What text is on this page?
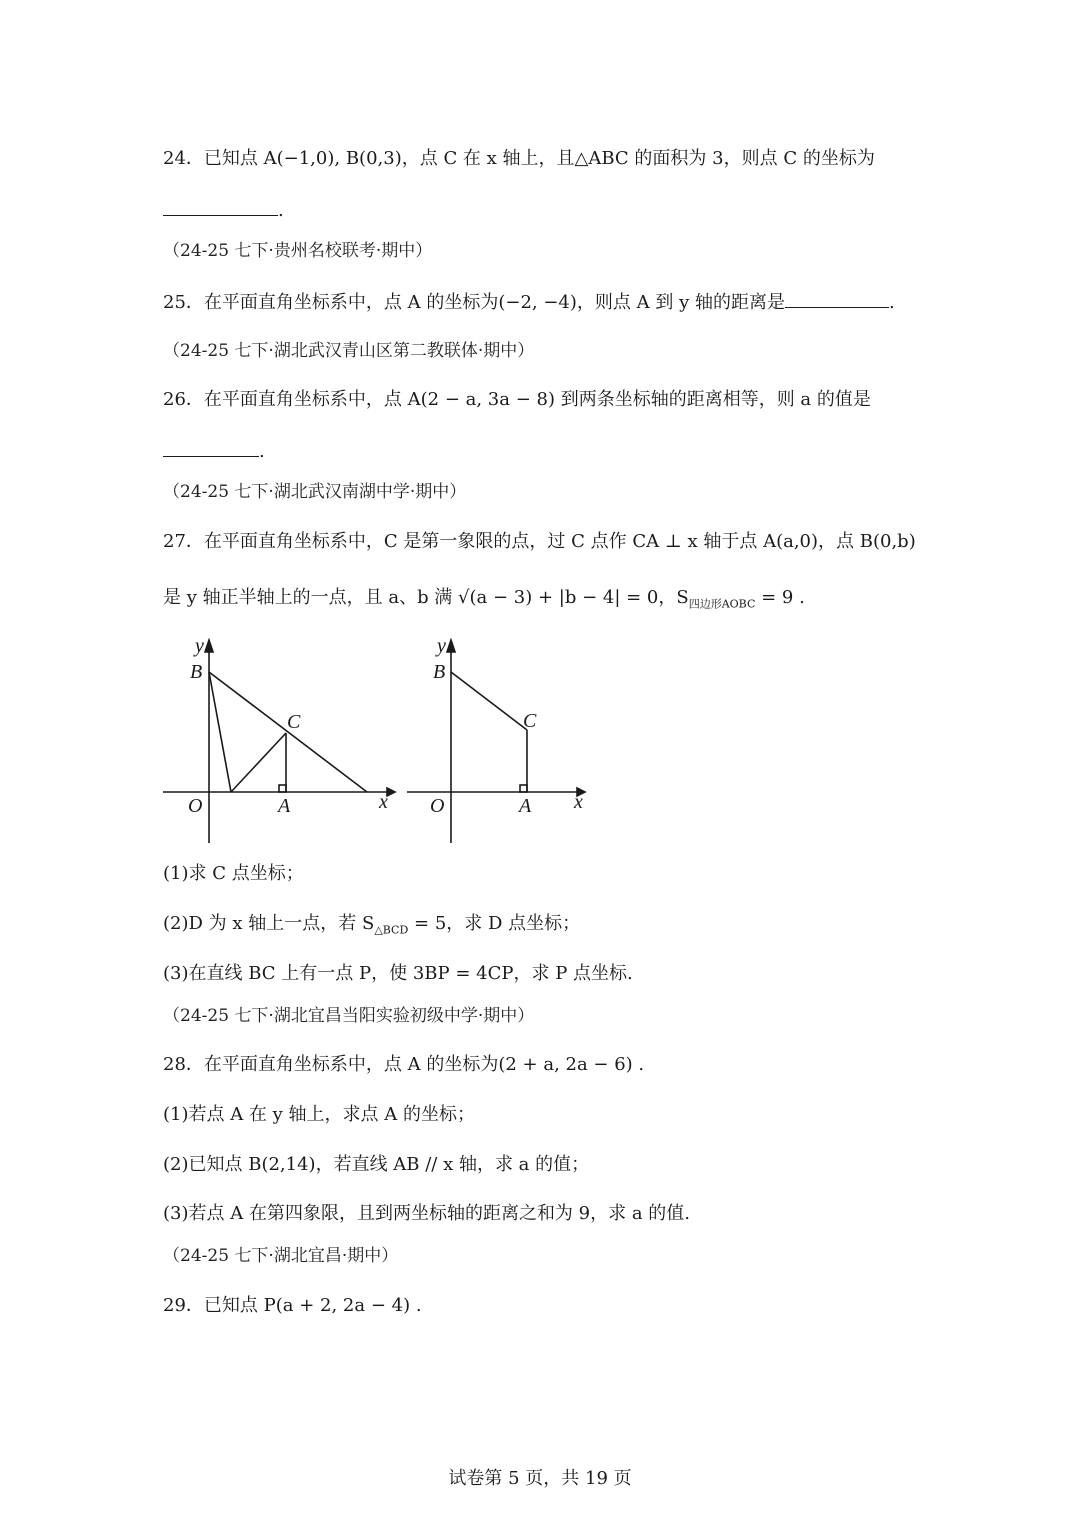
24．已知点 A(−1,0), B(0,3)，点 C 在 x 轴上，且△ABC 的面积为 3，则点 C 的坐标为
.
（24-25 七下·贵州名校联考·期中）
25．在平面直角坐标系中，点 A 的坐标为(−2, −4)，则点 A 到 y 轴的距离是	.
（24-25 七下·湖北武汉青山区第二教联体·期中）
26．在平面直角坐标系中，点 A(2 − a, 3a − 8) 到两条坐标轴的距离相等，则 a 的值是
.
（24-25 七下·湖北武汉南湖中学·期中）
27．在平面直角坐标系中，C 是第一象限的点，过 C 点作 CA ⊥ x 轴于点 A(a,0)，点 B(0,b)
是 y 轴正半轴上的一点，且 a、b 满 √(a − 3) + |b − 4| = 0，$S_{四边形AOBC} = 9$ .
y
B
C
O	A	x
y
B
C
O	A x
(1)求 C 点坐标；
(2)D 为 x 轴上一点，若 $S_{\triangle BCD} = 5$，求 D 点坐标；
(3)在直线 BC 上有一点 P，使 3BP = 4CP，求 P 点坐标.
（24-25 七下·湖北宜昌当阳实验初级中学·期中）
28．在平面直角坐标系中，点 A 的坐标为(2 + a, 2a − 6) .
(1)若点 A 在 y 轴上，求点 A 的坐标；
(2)已知点 B(2,14)，若直线 AB // x 轴，求 a 的值；
(3)若点 A 在第四象限，且到两坐标轴的距离之和为 9，求 a 的值.
（24-25 七下·湖北宜昌·期中）
29．已知点 P(a + 2, 2a − 4) .
试卷第 5 页，共 19 页
